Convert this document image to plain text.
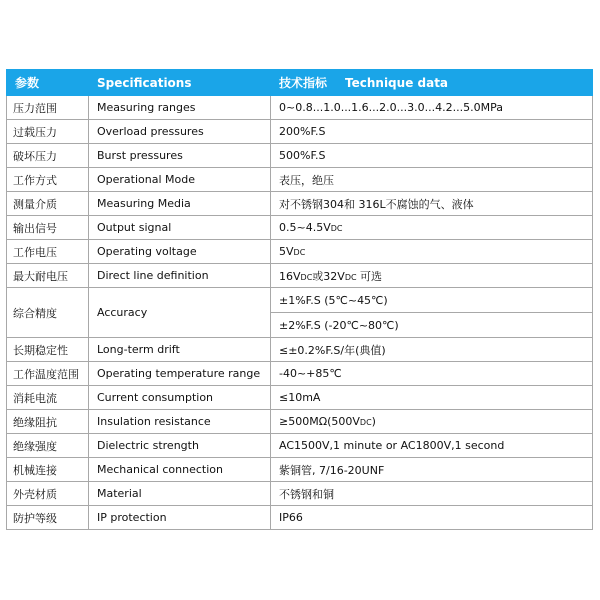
参数	Specifications	技术指标 Technique data
压力范围	Measuring ranges	0~0.8...1.0...1.6...2.0...3.0...4.2...5.0MPa
过载压力	Overload pressures	200%F.S
破坏压力	Burst pressures	500%F.S
工作方式	Operational Mode	表压，绝压
测量介质	Measuring Media	对不锈钢304和 316L不腐蚀的气、液体
输出信号	Output signal	0.5~4.5VDC
工作电压	Operating voltage	5VDC
最大耐电压	Direct line definition	16VDC或32VDC 可选
综合精度	Accuracy	±1%F.S (5℃~45℃)
		±2%F.S (-20℃~80℃)
长期稳定性	Long-term drift	≤±0.2%F.S/年(典值)
工作温度范围	Operating temperature range	-40~+85℃
消耗电流	Current consumption	≤10mA
绝缘阻抗	Insulation resistance	≥500MΩ(500VDC)
绝缘强度	Dielectric strength	AC1500V,1 minute or AC1800V,1 second
机械连接	Mechanical connection	紫铜管, 7/16-20UNF
外壳材质	Material	不锈钢和铜
防护等级	IP protection	IP66
